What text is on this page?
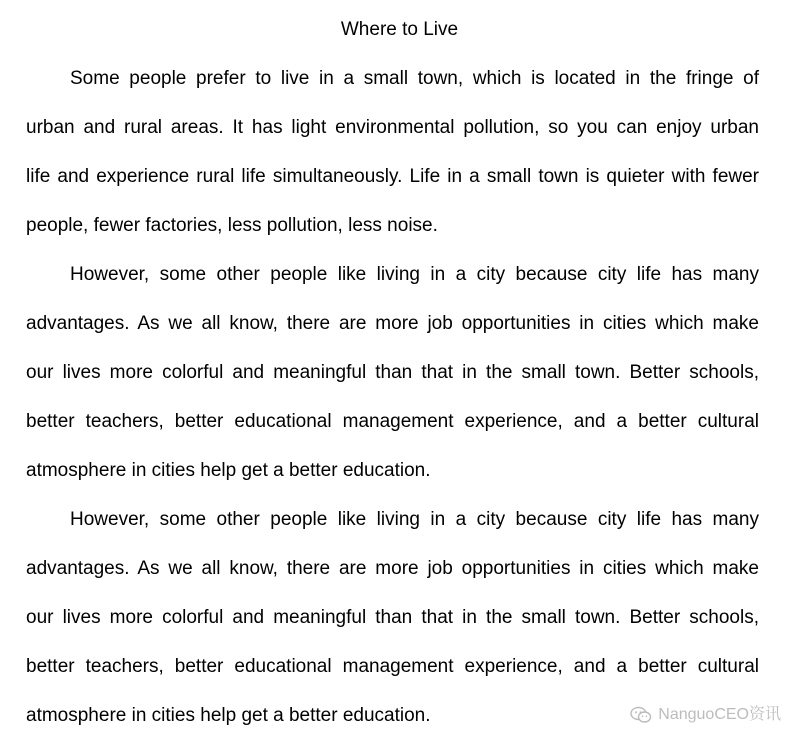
Where to Live
Some people prefer to live in a small town, which is located in the fringe of
urban and rural areas. It has light environmental pollution, so you can enjoy urban
life and experience rural life simultaneously. Life in a small town is quieter with fewer
people, fewer factories, less pollution, less noise.
However, some other people like living in a city because city life has many
advantages. As we all know, there are more job opportunities in cities which make
our lives more colorful and meaningful than that in the small town. Better schools,
better teachers, better educational management experience, and a better cultural
atmosphere in cities help get a better education.
However, some other people like living in a city because city life has many
advantages. As we all know, there are more job opportunities in cities which make
our lives more colorful and meaningful than that in the small town. Better schools,
better teachers, better educational management experience, and a better cultural
atmosphere in cities help get a better education.	NanguoCEO资讯
